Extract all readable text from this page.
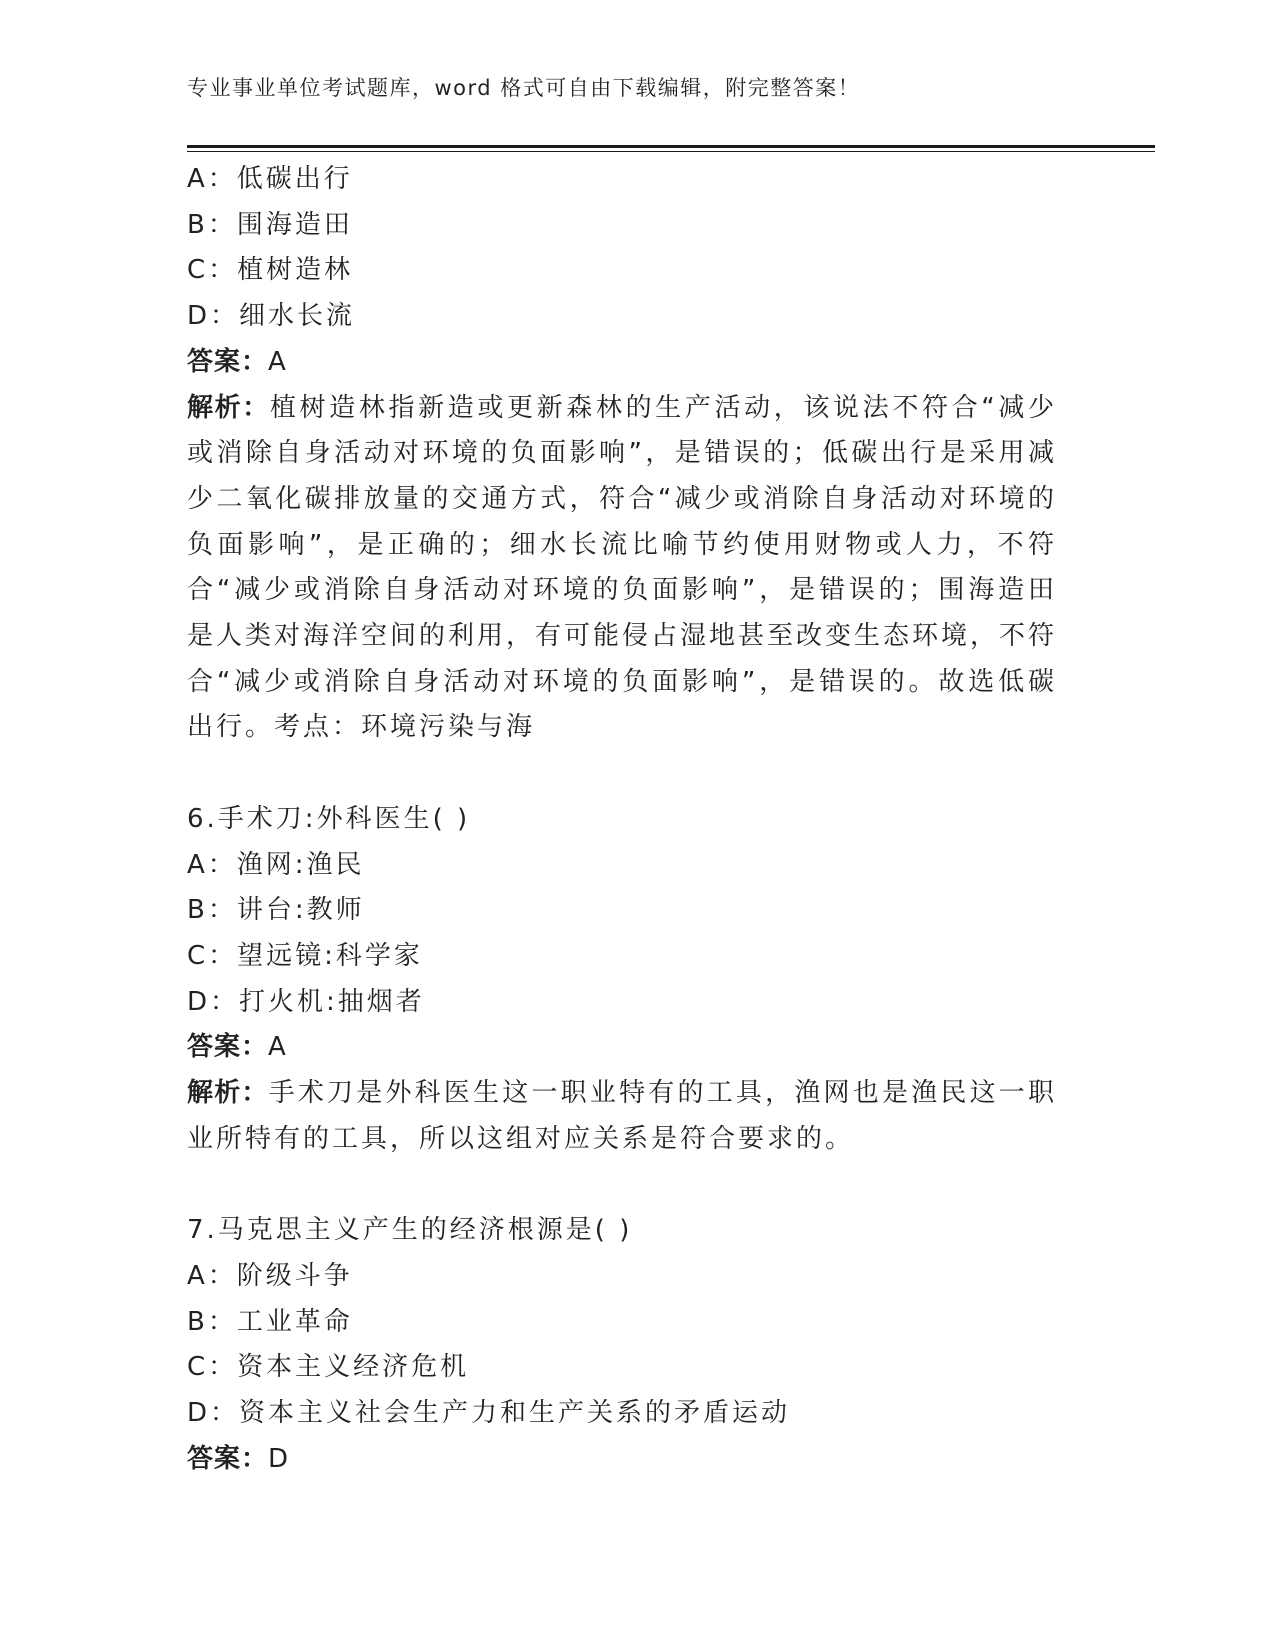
专业事业单位考试题库，word 格式可自由下载编辑，附完整答案！
A：低碳出行
B：围海造田
C：植树造林
D：细水长流
答案：A
解析：植树造林指新造或更新森林的生产活动，该说法不符合“减少或消除自身活动对环境的负面影响”，是错误的；低碳出行是采用减少二氧化碳排放量的交通方式，符合“减少或消除自身活动对环境的负面影响”，是正确的；细水长流比喻节约使用财物或人力，不符合“减少或消除自身活动对环境的负面影响”，是错误的；围海造田是人类对海洋空间的利用，有可能侵占湿地甚至改变生态环境，不符合“减少或消除自身活动对环境的负面影响”，是错误的。故选低碳出行。考点：环境污染与海
6.手术刀:外科医生( )
A：渔网:渔民
B：讲台:教师
C：望远镜:科学家
D：打火机:抽烟者
答案：A
解析：手术刀是外科医生这一职业特有的工具，渔网也是渔民这一职业所特有的工具，所以这组对应关系是符合要求的。
7.马克思主义产生的经济根源是( )
A：阶级斗争
B：工业革命
C：资本主义经济危机
D：资本主义社会生产力和生产关系的矛盾运动
答案：D
